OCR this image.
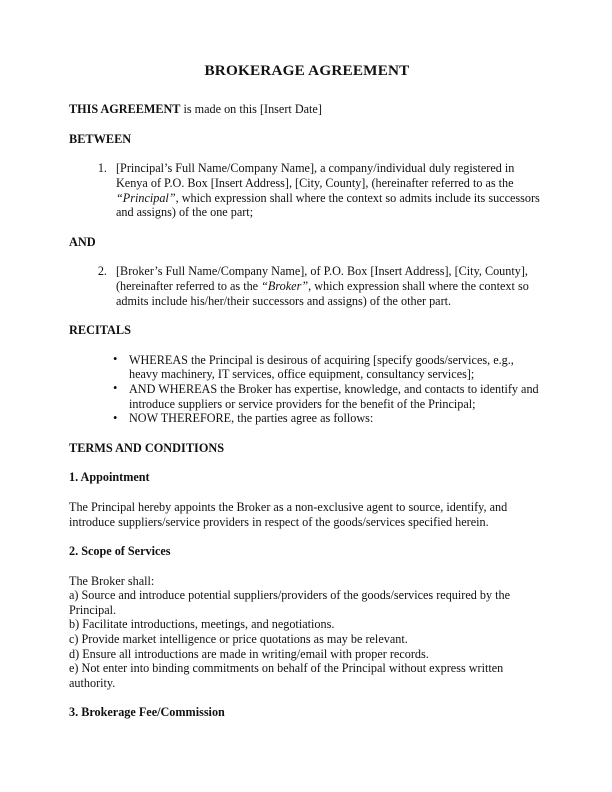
BROKERAGE AGREEMENT

THIS AGREEMENT is made on this [Insert Date]

BETWEEN

1. [Principal’s Full Name/Company Name], a company/individual duly registered in Kenya of P.O. Box [Insert Address], [City, County], (hereinafter referred to as the “Principal”, which expression shall where the context so admits include its successors and assigns) of the one part;

AND

2. [Broker’s Full Name/Company Name], of P.O. Box [Insert Address], [City, County], (hereinafter referred to as the “Broker”, which expression shall where the context so admits include his/her/their successors and assigns) of the other part.

RECITALS

• WHEREAS the Principal is desirous of acquiring [specify goods/services, e.g., heavy machinery, IT services, office equipment, consultancy services];
• AND WHEREAS the Broker has expertise, knowledge, and contacts to identify and introduce suppliers or service providers for the benefit of the Principal;
• NOW THEREFORE, the parties agree as follows:

TERMS AND CONDITIONS

1. Appointment

The Principal hereby appoints the Broker as a non-exclusive agent to source, identify, and introduce suppliers/service providers in respect of the goods/services specified herein.

2. Scope of Services

The Broker shall:
a) Source and introduce potential suppliers/providers of the goods/services required by the Principal.
b) Facilitate introductions, meetings, and negotiations.
c) Provide market intelligence or price quotations as may be relevant.
d) Ensure all introductions are made in writing/email with proper records.
e) Not enter into binding commitments on behalf of the Principal without express written authority.

3. Brokerage Fee/Commission
